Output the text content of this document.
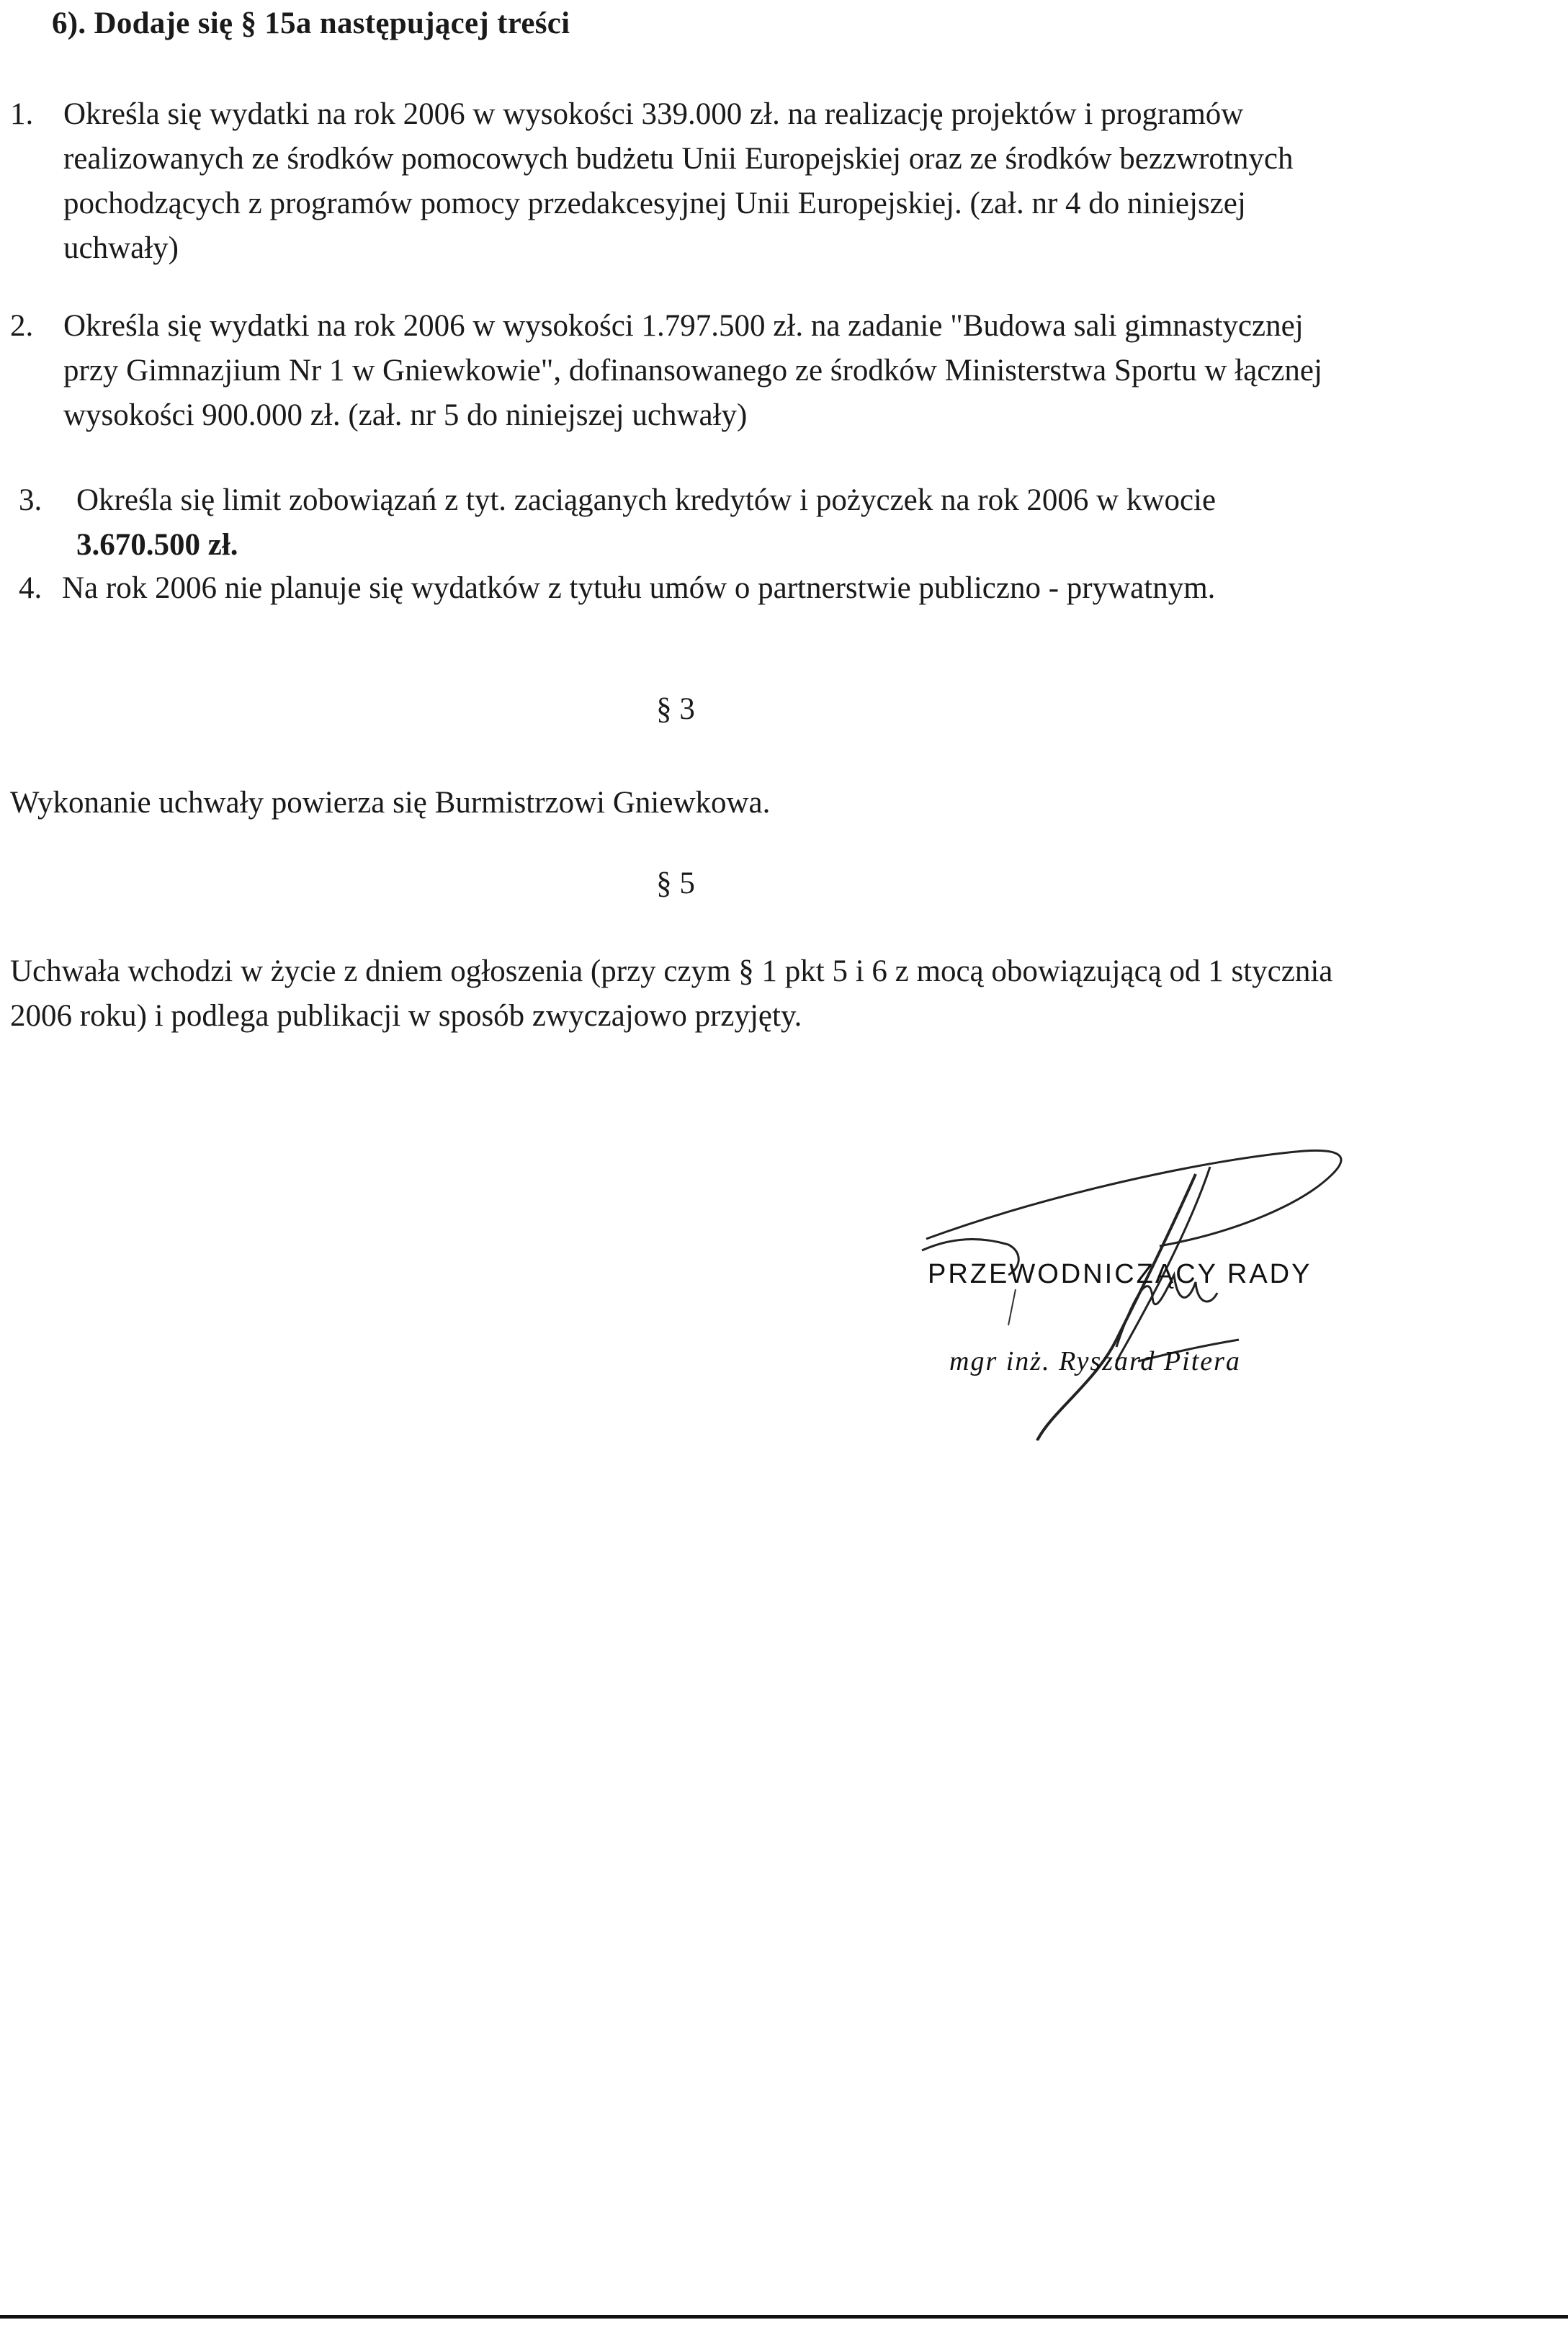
6). Dodaje się § 15a następującej treści
1. Określa się wydatki na rok 2006 w wysokości 339.000 zł. na realizację projektów i programów realizowanych ze środków pomocowych budżetu Unii Europejskiej oraz ze środków bezzwrotnych pochodzących z programów pomocy przedakcesyjnej Unii Europejskiej. (zał. nr 4 do niniejszej uchwały)

2. Określa się wydatki na rok 2006 w wysokości 1.797.500 zł. na zadanie "Budowa sali gimnastycznej przy Gimnazjium Nr 1 w Gniewkowie", dofinansowanego ze środków Ministerstwa Sportu w łącznej wysokości 900.000 zł. (zał. nr 5 do niniejszej uchwały)

3. Określa się limit zobowiązań z tyt. zaciąganych kredytów i pożyczek na rok 2006 w kwocie 3.670.500 zł.

4. Na rok 2006 nie planuje się wydatków z tytułu umów o partnerstwie publiczno - prywatnym.

§ 3

Wykonanie uchwały powierza się Burmistrzowi Gniewkowa.

§ 5

Uchwała wchodzi w życie z dniem ogłoszenia (przy czym § 1 pkt 5 i 6 z mocą obowiązującą od 1 stycznia 2006 roku) i podlega publikacji w sposób zwyczajowo przyjęty.

PRZEWODNICZĄCY RADY
mgr inż. Ryszard Pitera
